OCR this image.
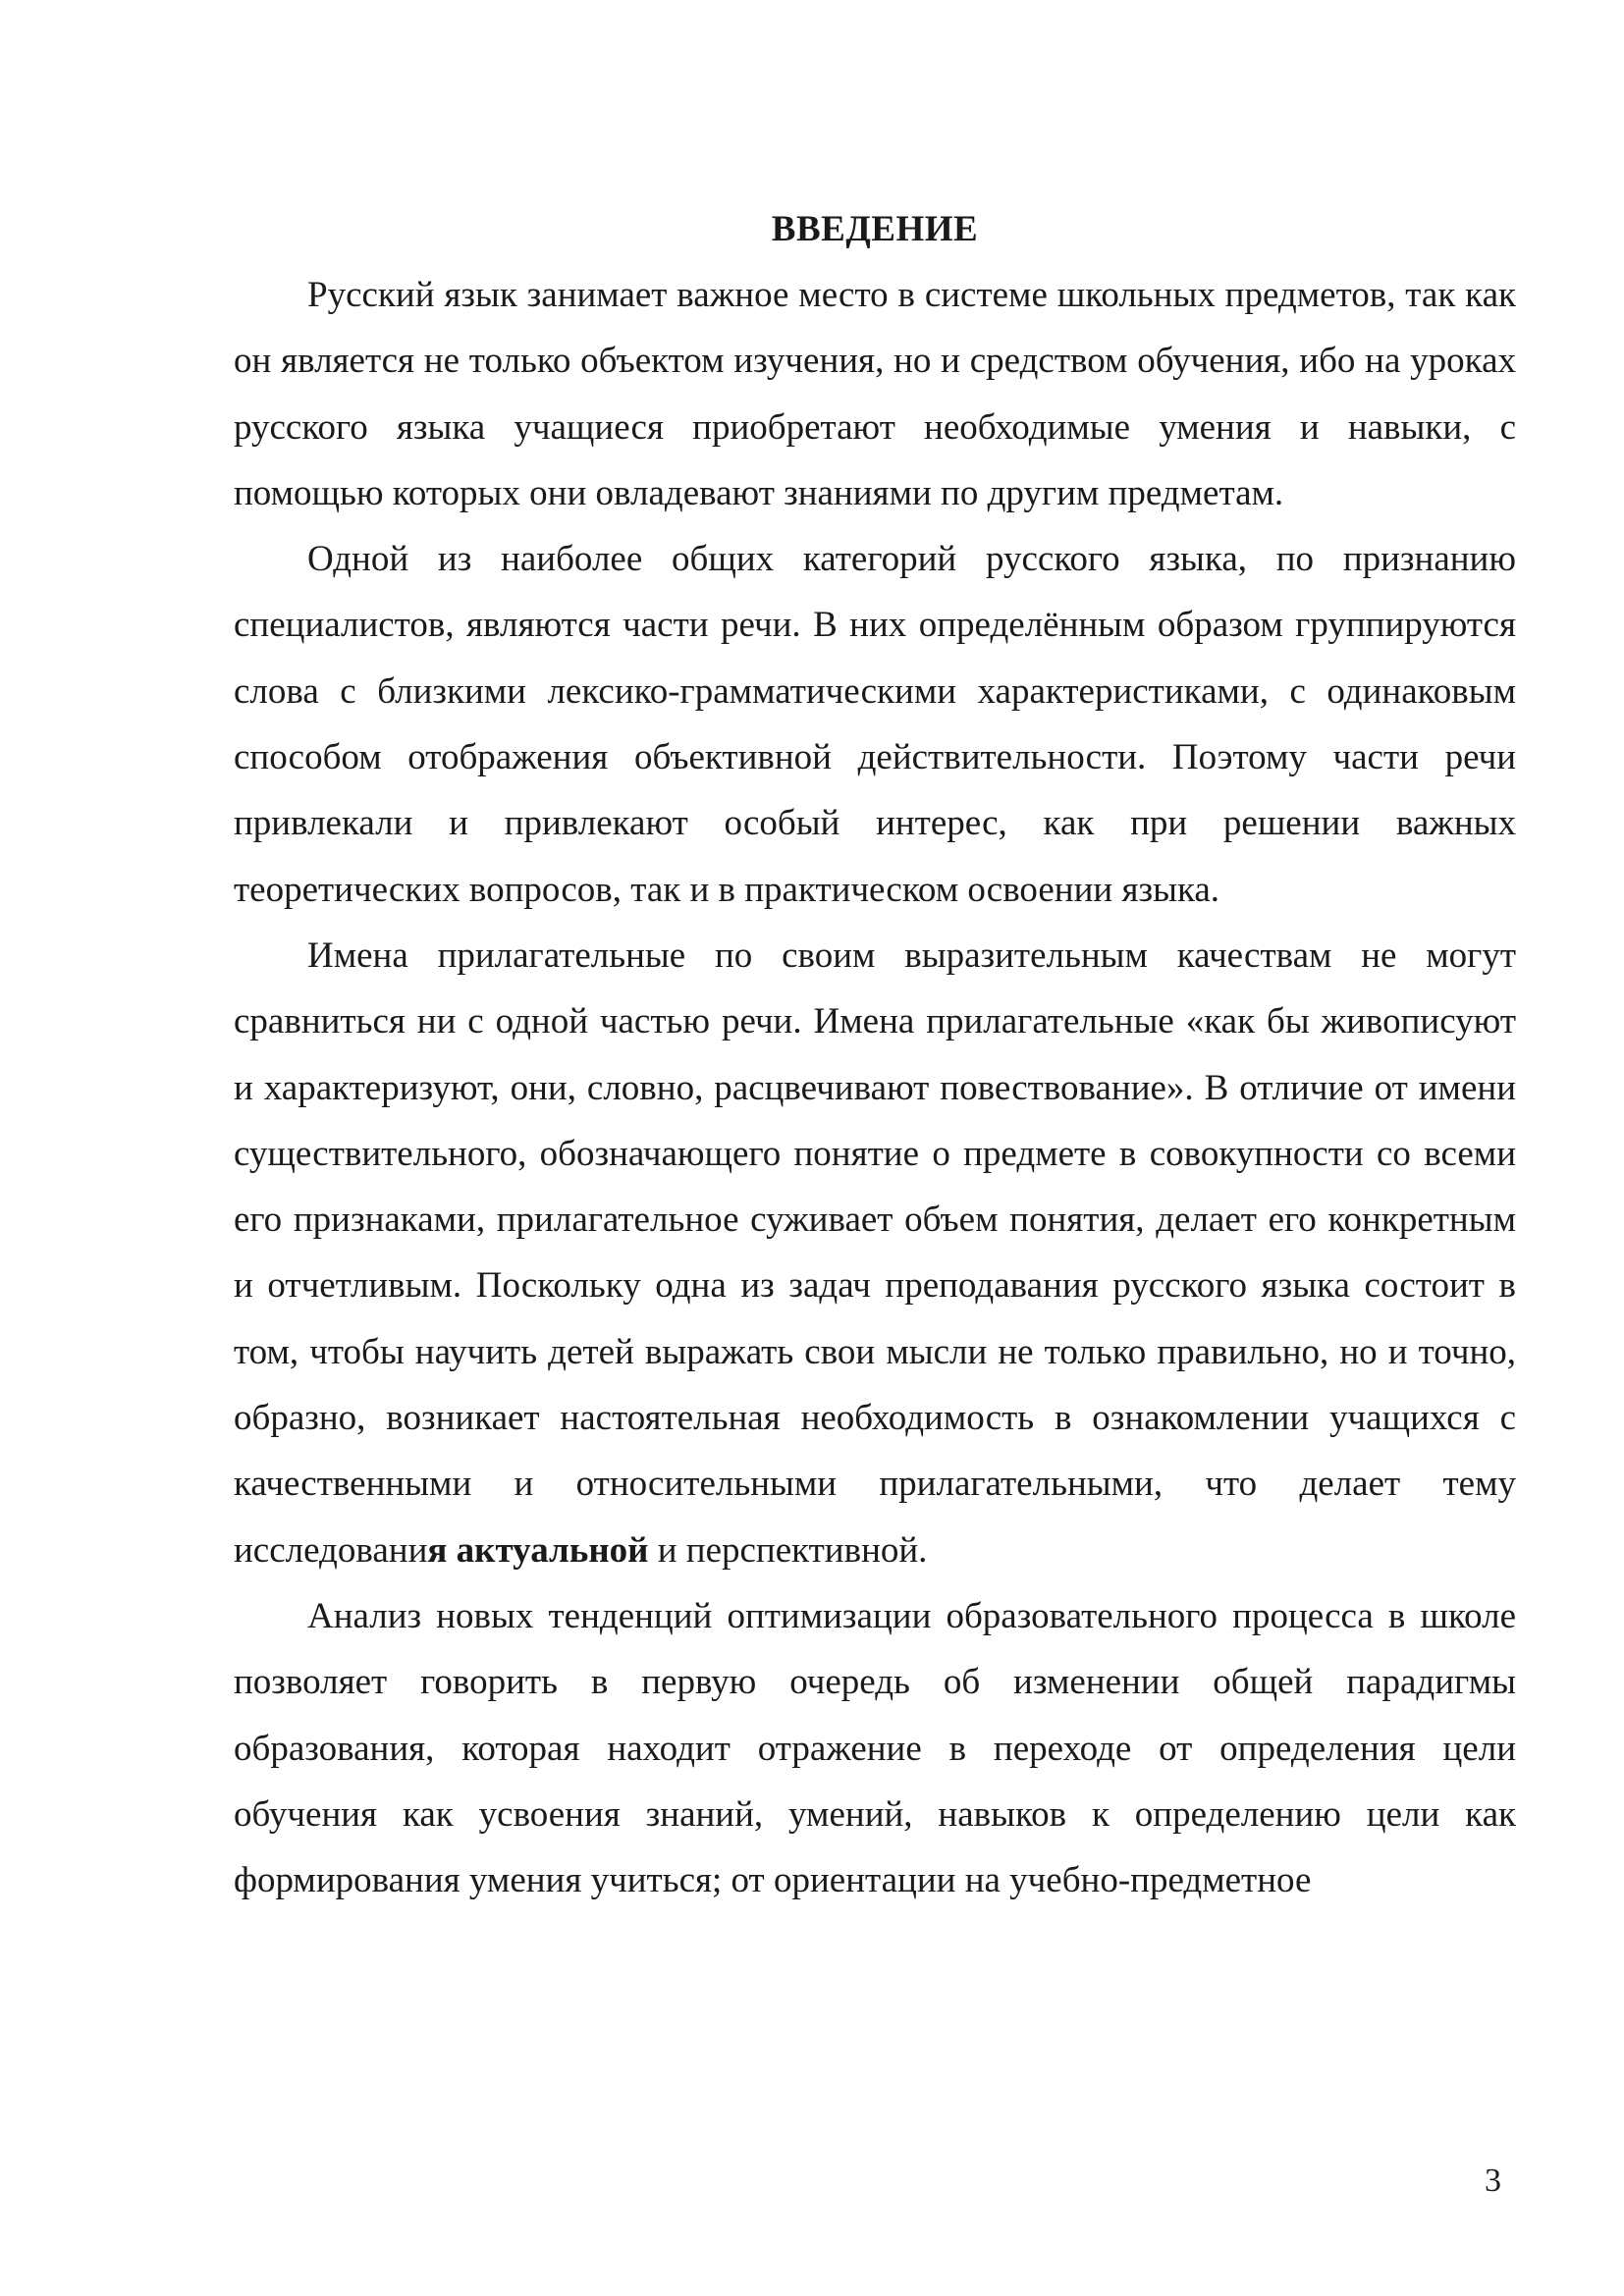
ВВЕДЕНИЕ

Русский язык занимает важное место в системе школьных предметов, так как он является не только объектом изучения, но и средством обучения, ибо на уроках русского языка учащиеся приобретают необходимые умения и навыки, с помощью которых они овладевают знаниями по другим предметам.

Одной из наиболее общих категорий русского языка, по признанию специалистов, являются части речи. В них определённым образом группируются слова с близкими лексико-грамматическими характеристиками, с одинаковым способом отображения объективной действительности. Поэтому части речи привлекали и привлекают особый интерес, как при решении важных теоретических вопросов, так и в практическом освоении языка.

Имена прилагательные по своим выразительным качествам не могут сравниться ни с одной частью речи. Имена прилагательные «как бы живописуют и характеризуют, они, словно, расцвечивают повествование». В отличие от имени существительного, обозначающего понятие о предмете в совокупности со всеми его признаками, прилагательное суживает объем понятия, делает его конкретным и отчетливым. Поскольку одна из задач преподавания русского языка состоит в том, чтобы научить детей выражать свои мысли не только правильно, но и точно, образно, возникает настоятельная необходимость в ознакомлении учащихся с качественными и относительными прилагательными, что делает тему исследования актуальной и перспективной.

Анализ новых тенденций оптимизации образовательного процесса в школе позволяет говорить в первую очередь об изменении общей парадигмы образования, которая находит отражение в переходе от определения цели обучения как усвоения знаний, умений, навыков к определению цели как формирования умения учиться; от ориентации на учебно-предметное

3
